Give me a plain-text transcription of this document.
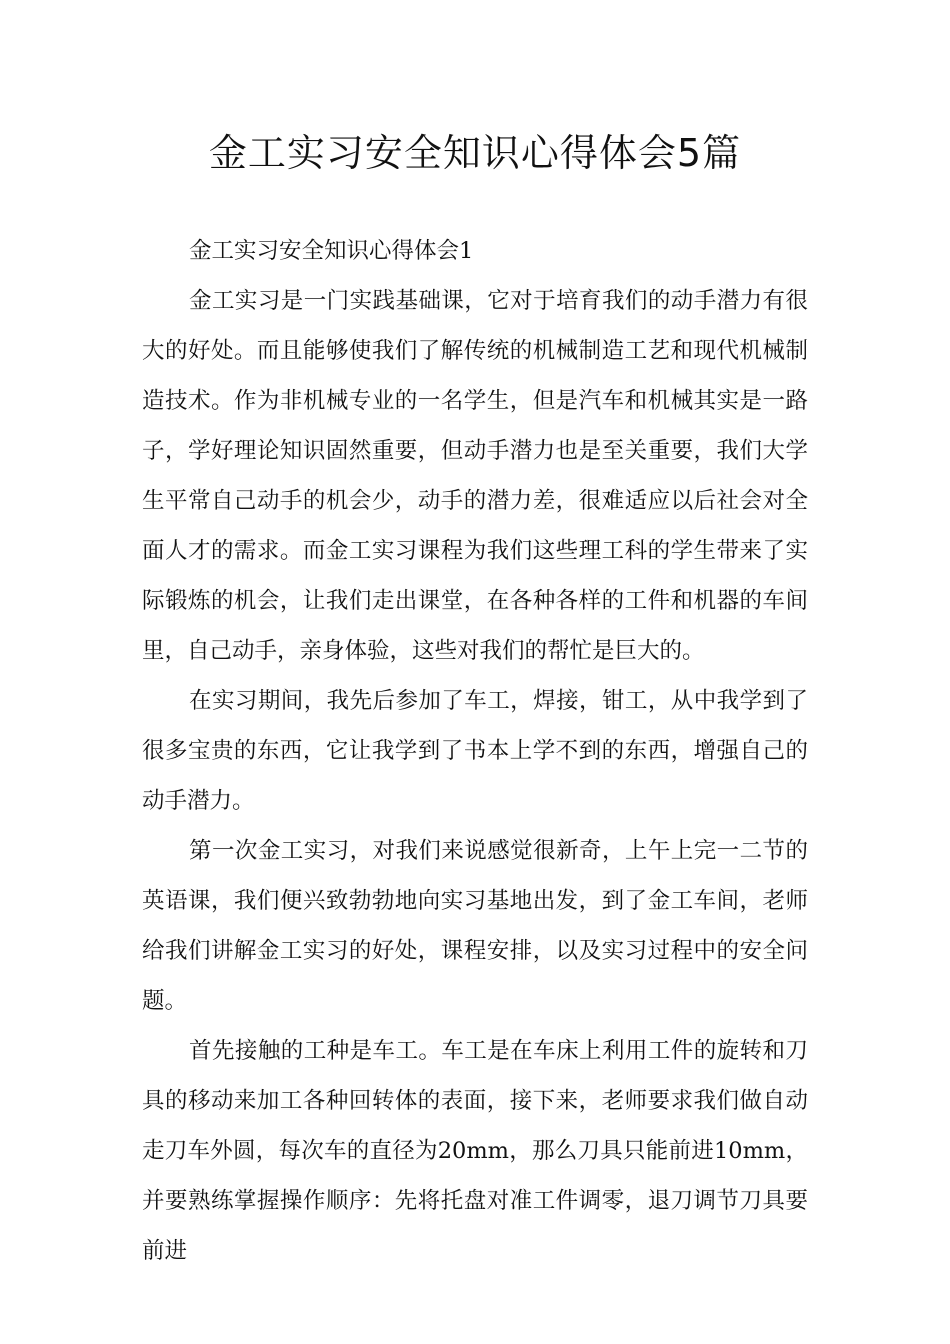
金工实习安全知识心得体会5篇

金工实习安全知识心得体会1

金工实习是一门实践基础课，它对于培育我们的动手潜力有很大的好处。而且能够使我们了解传统的机械制造工艺和现代机械制造技术。作为非机械专业的一名学生，但是汽车和机械其实是一路子，学好理论知识固然重要，但动手潜力也是至关重要，我们大学生平常自己动手的机会少，动手的潜力差，很难适应以后社会对全面人才的需求。而金工实习课程为我们这些理工科的学生带来了实际锻炼的机会，让我们走出课堂，在各种各样的工件和机器的车间里，自己动手，亲身体验，这些对我们的帮忙是巨大的。

在实习期间，我先后参加了车工，焊接，钳工，从中我学到了很多宝贵的东西，它让我学到了书本上学不到的东西，增强自己的动手潜力。

第一次金工实习，对我们来说感觉很新奇，上午上完一二节的英语课，我们便兴致勃勃地向实习基地出发，到了金工车间，老师给我们讲解金工实习的好处，课程安排，以及实习过程中的安全问题。

首先接触的工种是车工。车工是在车床上利用工件的旋转和刀具的移动来加工各种回转体的表面，接下来，老师要求我们做自动走刀车外圆，每次车的直径为20mm，那么刀具只能前进10mm，并要熟练掌握操作顺序：先将托盘对准工件调零，退刀调节刀具要前进
